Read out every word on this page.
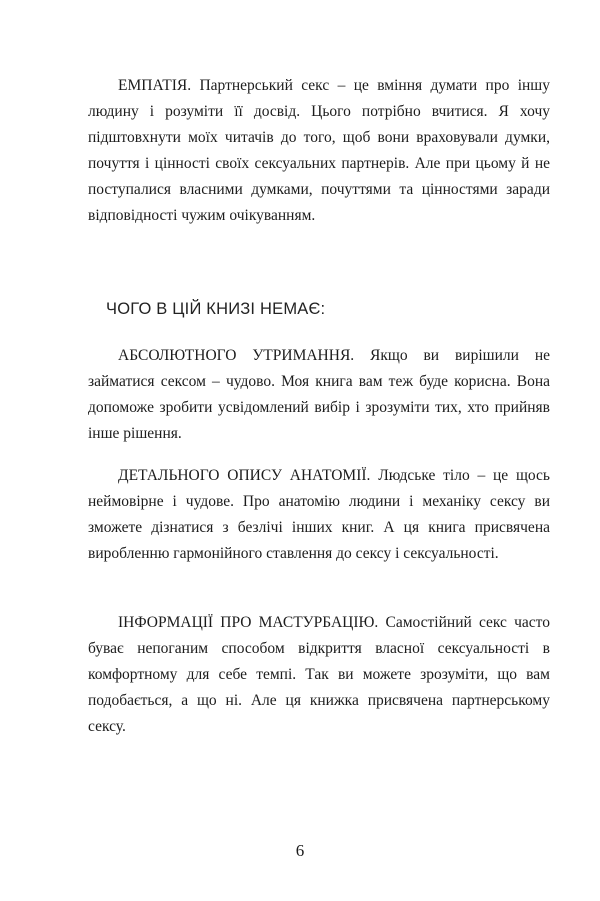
ЕМПАТІЯ. Партнерський секс – це вміння думати про іншу людину і розуміти її досвід. Цього потрібно вчитися. Я хочу підштовхнути моїх читачів до того, щоб вони враховували думки, почуття і цінності своїх сексуальних партнерів. Але при цьому й не поступалися власними думками, почуттями та цінностями заради відповідності чужим очікуванням.

ЧОГО В ЦІЙ КНИЗІ НЕМАЄ:

АБСОЛЮТНОГО УТРИМАННЯ. Якщо ви вирішили не займатися сексом – чудово. Моя книга вам теж буде корисна. Вона допоможе зробити усвідомлений вибір і зрозуміти тих, хто прийняв інше рішення.

ДЕТАЛЬНОГО ОПИСУ АНАТОМІЇ. Людське тіло – це щось неймовірне і чудове. Про анатомію людини і механіку сексу ви зможете дізнатися з безлічі інших книг. А ця книга присвячена виробленню гармонійного ставлення до сексу і сексуальності.

ІНФОРМАЦІЇ ПРО МАСТУРБАЦІЮ. Самостійний секс часто буває непоганим способом відкриття власної сексуальності в комфортному для себе темпі. Так ви можете зрозуміти, що вам подобається, а що ні. Але ця книжка присвячена партнерському сексу.

6
